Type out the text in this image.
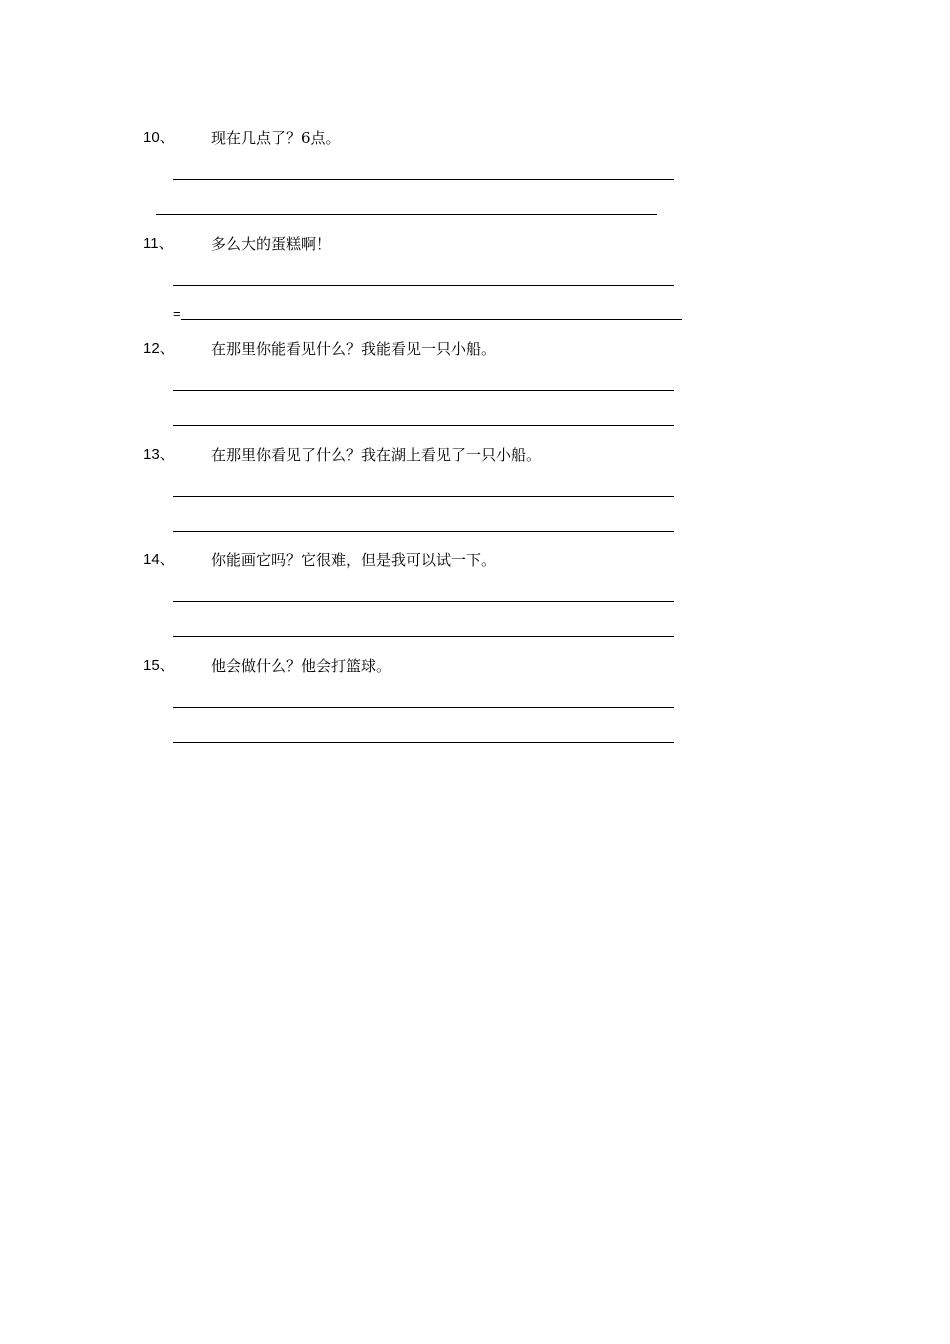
10、 现在几点了？6点。
11、 多么大的蛋糕啊！
=
12、 在那里你能看见什么？我能看见一只小船。
13、 在那里你看见了什么？我在湖上看见了一只小船。
14、 你能画它吗？它很难，但是我可以试一下。
15、 他会做什么？他会打篮球。
